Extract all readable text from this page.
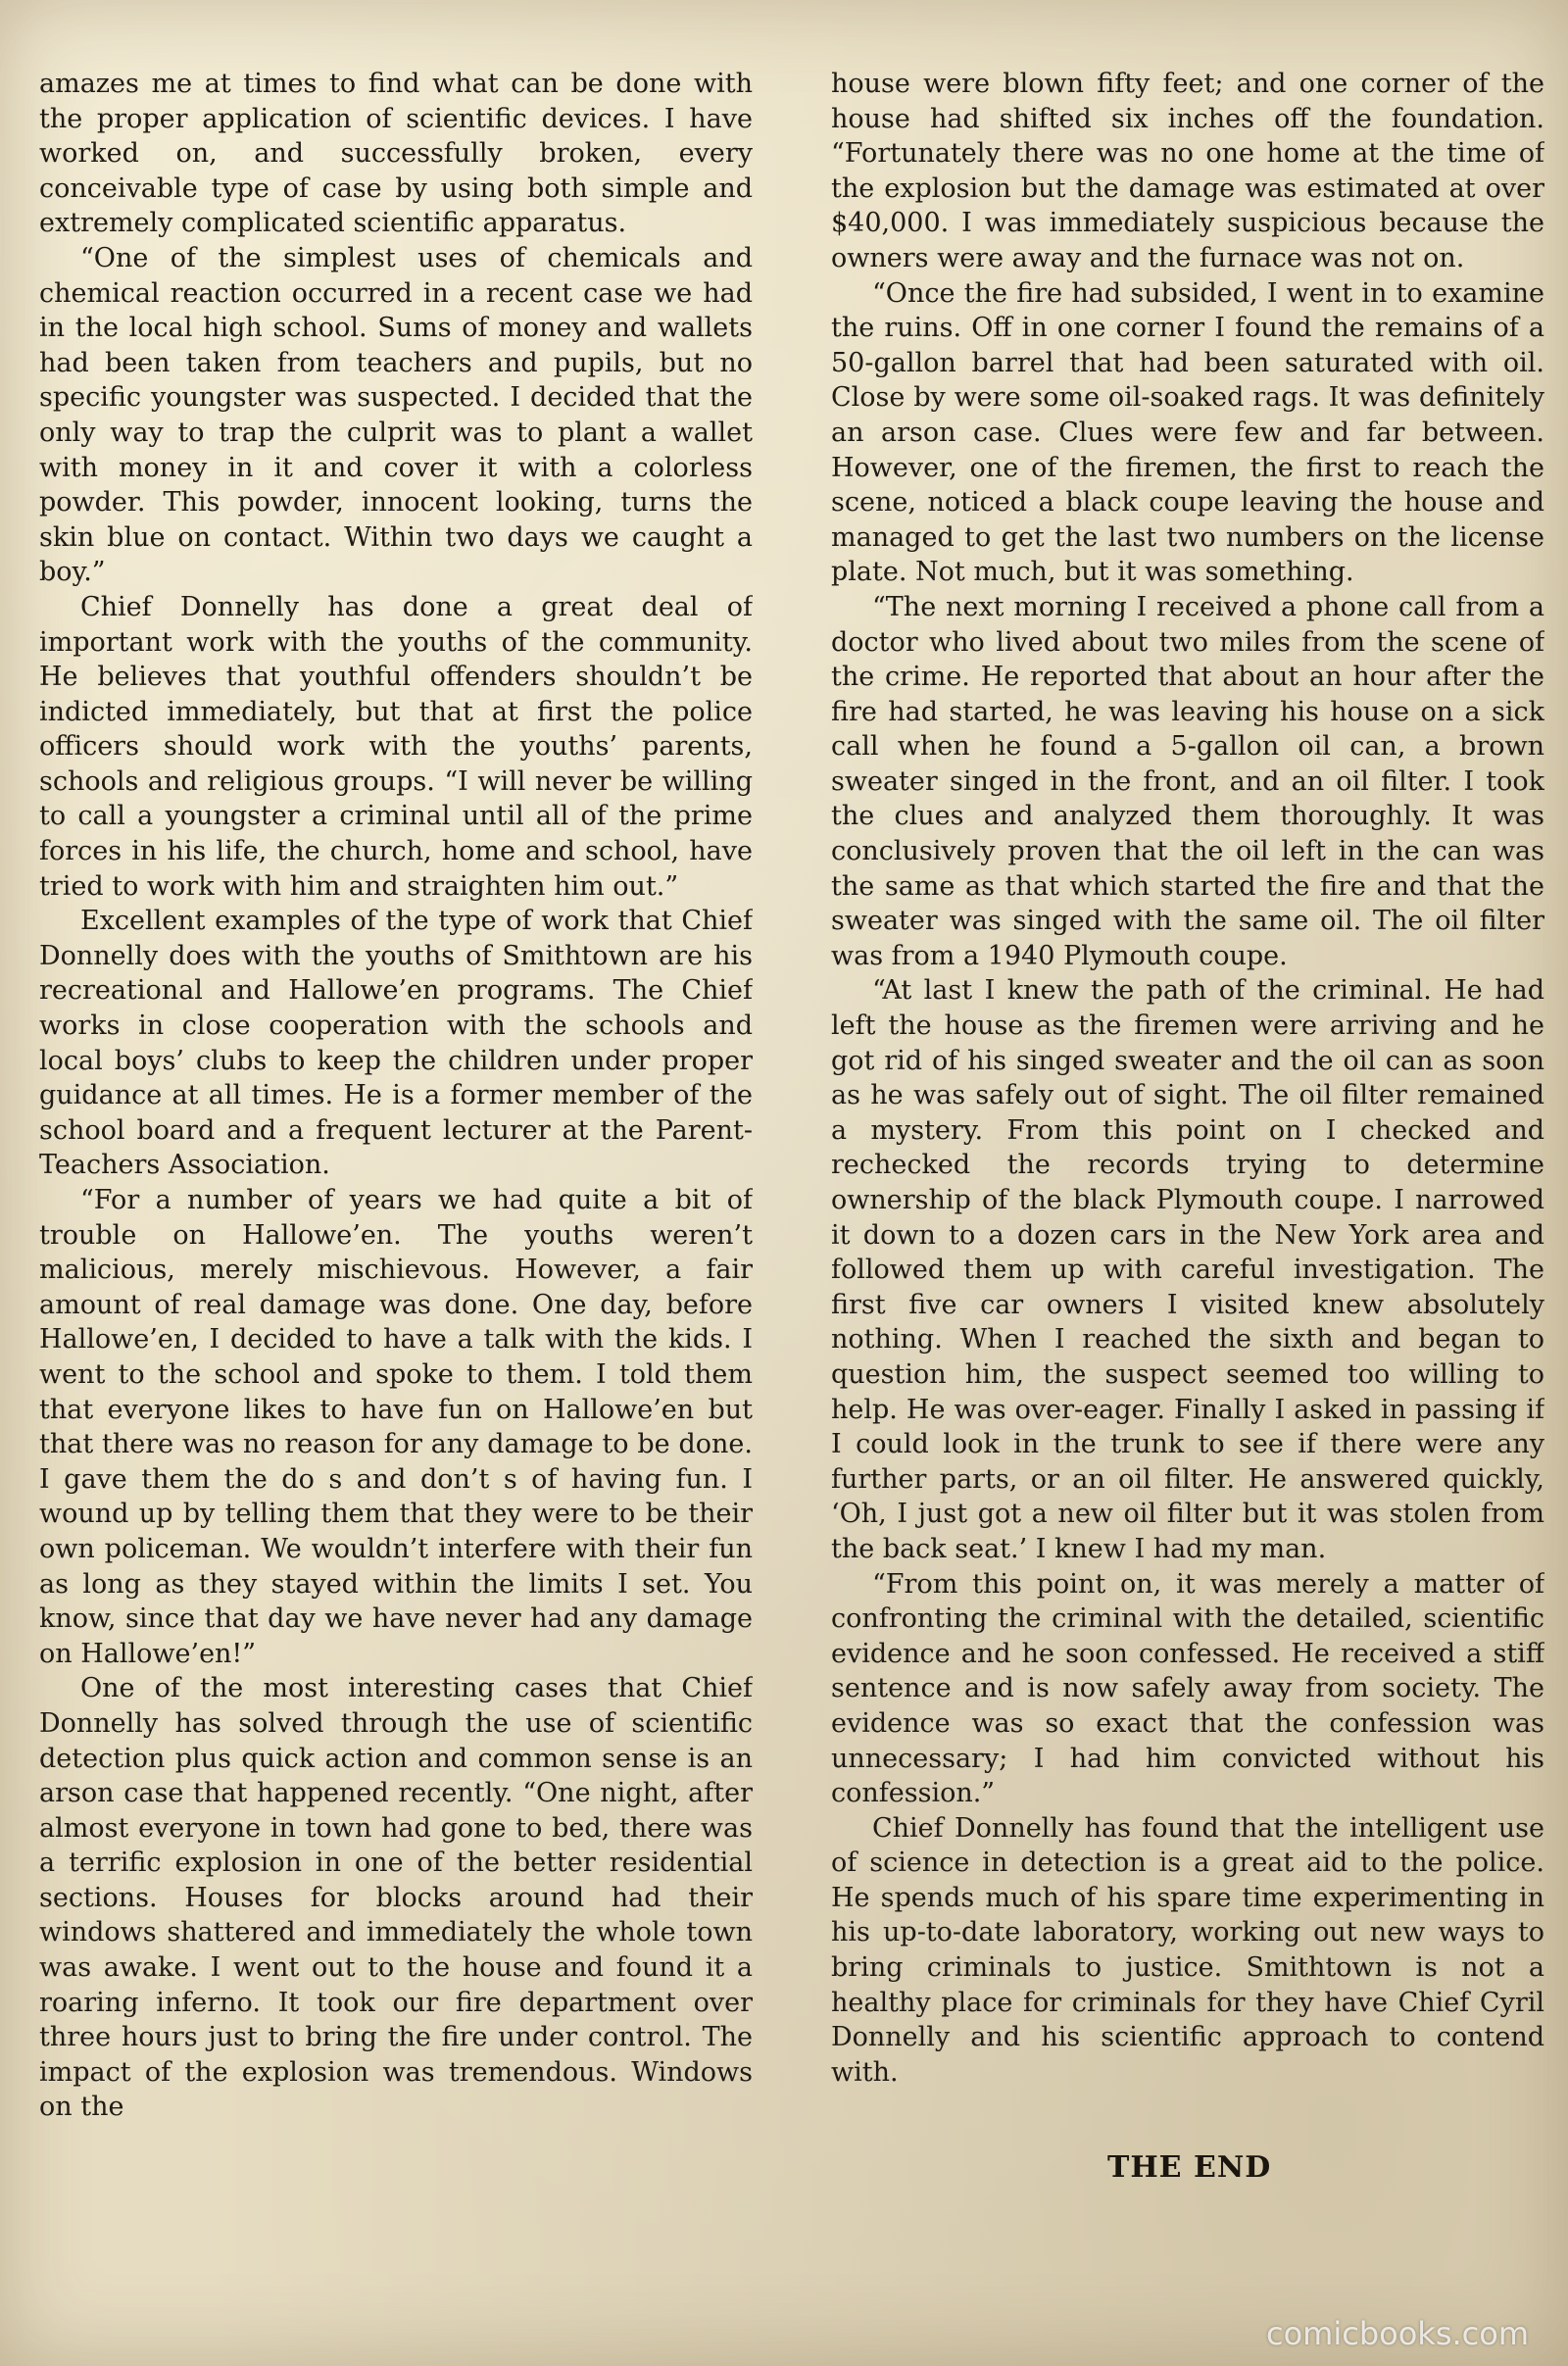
amazes me at times to find what can be done with the proper application of scientific devices. I have worked on, and successfully broken, every conceivable type of case by using both simple and extremely complicated scientific apparatus.

“One of the simplest uses of chemicals and chemical reaction occurred in a recent case we had in the local high school. Sums of money and wallets had been taken from teachers and pupils, but no specific youngster was suspected. I decided that the only way to trap the culprit was to plant a wallet with money in it and cover it with a colorless powder. This powder, innocent looking, turns the skin blue on contact. Within two days we caught a boy.”

Chief Donnelly has done a great deal of important work with the youths of the community. He believes that youthful offenders shouldn’t be indicted immediately, but that at first the police officers should work with the youths’ parents, schools and religious groups. “I will never be willing to call a youngster a criminal until all of the prime forces in his life, the church, home and school, have tried to work with him and straighten him out.”

Excellent examples of the type of work that Chief Donnelly does with the youths of Smithtown are his recreational and Hallowe’en programs. The Chief works in close cooperation with the schools and local boys’ clubs to keep the children under proper guidance at all times. He is a former member of the school board and a frequent lecturer at the Parent-Teachers Association.

“For a number of years we had quite a bit of trouble on Hallowe’en. The youths weren’t malicious, merely mischievous. However, a fair amount of real damage was done. One day, before Hallowe’en, I decided to have a talk with the kids. I went to the school and spoke to them. I told them that everyone likes to have fun on Hallowe’en but that there was no reason for any damage to be done. I gave them the do s and don’t s of having fun. I wound up by telling them that they were to be their own policeman. We wouldn’t interfere with their fun as long as they stayed within the limits I set. You know, since that day we have never had any damage on Hallowe’en!”

One of the most interesting cases that Chief Donnelly has solved through the use of scientific detection plus quick action and common sense is an arson case that happened recently. “One night, after almost everyone in town had gone to bed, there was a terrific explosion in one of the better residential sections. Houses for blocks around had their windows shattered and immediately the whole town was awake. I went out to the house and found it a roaring inferno. It took our fire department over three hours just to bring the fire under control. The impact of the explosion was tremendous. Windows on the

house were blown fifty feet; and one corner of the house had shifted six inches off the foundation. “Fortunately there was no one home at the time of the explosion but the damage was estimated at over $40,000. I was immediately suspicious because the owners were away and the furnace was not on.

“Once the fire had subsided, I went in to examine the ruins. Off in one corner I found the remains of a 50-gallon barrel that had been saturated with oil. Close by were some oil-soaked rags. It was definitely an arson case. Clues were few and far between. However, one of the firemen, the first to reach the scene, noticed a black coupe leaving the house and managed to get the last two numbers on the license plate. Not much, but it was something.

“The next morning I received a phone call from a doctor who lived about two miles from the scene of the crime. He reported that about an hour after the fire had started, he was leaving his house on a sick call when he found a 5-gallon oil can, a brown sweater singed in the front, and an oil filter. I took the clues and analyzed them thoroughly. It was conclusively proven that the oil left in the can was the same as that which started the fire and that the sweater was singed with the same oil. The oil filter was from a 1940 Plymouth coupe.

“At last I knew the path of the criminal. He had left the house as the firemen were arriving and he got rid of his singed sweater and the oil can as soon as he was safely out of sight. The oil filter remained a mystery. From this point on I checked and rechecked the records trying to determine ownership of the black Plymouth coupe. I narrowed it down to a dozen cars in the New York area and followed them up with careful investigation. The first five car owners I visited knew absolutely nothing. When I reached the sixth and began to question him, the suspect seemed too willing to help. He was over-eager. Finally I asked in passing if I could look in the trunk to see if there were any further parts, or an oil filter. He answered quickly, ‘Oh, I just got a new oil filter but it was stolen from the back seat.’ I knew I had my man.

“From this point on, it was merely a matter of confronting the criminal with the detailed, scientific evidence and he soon confessed. He received a stiff sentence and is now safely away from society. The evidence was so exact that the confession was unnecessary; I had him convicted without his confession.”

Chief Donnelly has found that the intelligent use of science in detection is a great aid to the police. He spends much of his spare time experimenting in his up-to-date laboratory, working out new ways to bring criminals to justice. Smithtown is not a healthy place for criminals for they have Chief Cyril Donnelly and his scientific approach to contend with.

THE END
comicbooks.com
